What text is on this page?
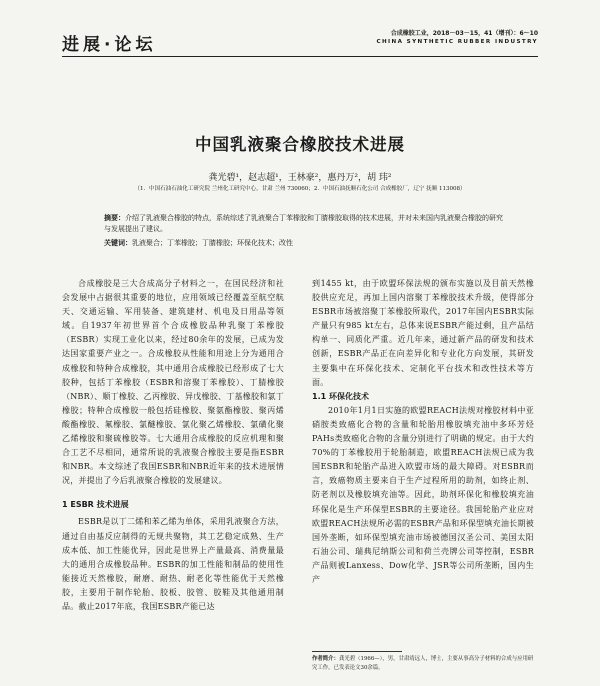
进展·论坛
合成橡胶工业，2018－03－15，41（增刊）：6～10
CHINA SYNTHETIC RUBBER INDUSTRY
中国乳液聚合橡胶技术进展
龚光碧¹，赵志超¹，王林豪²，惠丹万²，胡 玮²
（1．中国石油石油化工研究院 兰州化工研究中心，甘肃 兰州 730060；2．中国石油抚顺石化公司 合成橡胶厂，辽宁 抚顺 113008）

摘要：介绍了乳液聚合橡胶的特点，系统综述了乳液聚合丁苯橡胶和丁腈橡胶取得的技术进展，并对未来国内乳液聚合橡胶的研究与发展提出了建议。

关键词：乳液聚合；丁苯橡胶；丁腈橡胶；环保化技术；改性

合成橡胶是三大合成高分子材料之一，在国民经济和社会发展中占据很其重要的地位，应用领域已经覆盖至航空航天、交通运输、军用装备、建筑建材、机电及日用品等领域。自1937年初世界首个合成橡胶品种乳聚丁苯橡胶（ESBR）实现工业化以来，经过80余年的发展，已成为发达国家重要产业之一。合成橡胶从性能和用途上分为通用合成橡胶和特种合成橡胶，其中通用合成橡胶已经形成了七大胶种，包括丁苯橡胶（ESBR和溶聚丁苯橡胶）、丁腈橡胶（NBR）、顺丁橡胶、乙丙橡胶、异戊橡胶、丁基橡胶和氯丁橡胶；特种合成橡胶一般包括硅橡胶、聚氨酯橡胶、聚丙烯酸酯橡胶、氟橡胶、氯醚橡胶、氯化聚乙烯橡胶、氯磺化聚乙烯橡胶和聚硫橡胶等。七大通用合成橡胶的反应机理和聚合工艺不尽相同，通常所说的乳液聚合橡胶主要是指ESBR和NBR。本文综述了我国ESBR和NBR近年来的技术进展情况，并提出了今后乳液聚合橡胶的发展建议。

1 ESBR 技术进展

ESBR是以丁二烯和苯乙烯为单体，采用乳液聚合方法，通过自由基反应制得的无规共聚物，其工艺稳定成熟、生产成本低、加工性能优异，因此是世界上产量最高、消费量最大的通用合成橡胶品种。ESBR的加工性能和制品的使用性能接近天然橡胶，耐磨、耐热、耐老化等性能优于天然橡胶，主要用于制作轮胎、胶板、胶管、胶鞋及其他通用制品。截止2017年底，我国ESBR产能已达

到1455 kt，由于欧盟环保法规的颁布实施以及目前天然橡胶供应充足，再加上国内溶聚丁苯橡胶技术升级，使得部分ESBR市场被溶聚丁苯橡胶所取代，2017年国内ESBR实际产量只有985 kt左右，总体来说ESBR产能过剩，且产品结构单一、同质化严重。近几年来，通过新产品的研发和技术创新，ESBR产品正在向差异化和专业化方向发展，其研发主要集中在环保化技术、定制化平台技术和改性技术等方面。

1.1 环保化技术

2010年1月1日实施的欧盟REACH法规对橡胶材料中亚硝胺类致癌化合物的含量和轮胎用橡胶填充油中多环芳烃PAHs类致癌化合物的含量分别进行了明确的规定。由于大约70%的丁苯橡胶用于轮胎制造，欧盟REACH法规已成为我国ESBR和轮胎产品进入欧盟市场的最大障碍。对ESBR而言，致癌物质主要来自于生产过程所用的助剂，如终止剂、防老剂以及橡胶填充油等。因此，助剂环保化和橡胶填充油环保化是生产环保型ESBR的主要途径。我国轮胎产业应对欧盟REACH法规所必需的ESBR产品和环保型填充油长期被国外垄断，如环保型填充油市场被德国汉圣公司、美国太阳石油公司、瑞典尼纳斯公司和荷兰壳牌公司等控制，ESBR产品则被Lanxess、Dow化学、JSR等公司所垄断，国内生产

作者简介：龚光碧（1966—），男，甘肃靖远人，博士，主要从事高分子材料的合成与应用研究工作，已发表论文30余篇。
